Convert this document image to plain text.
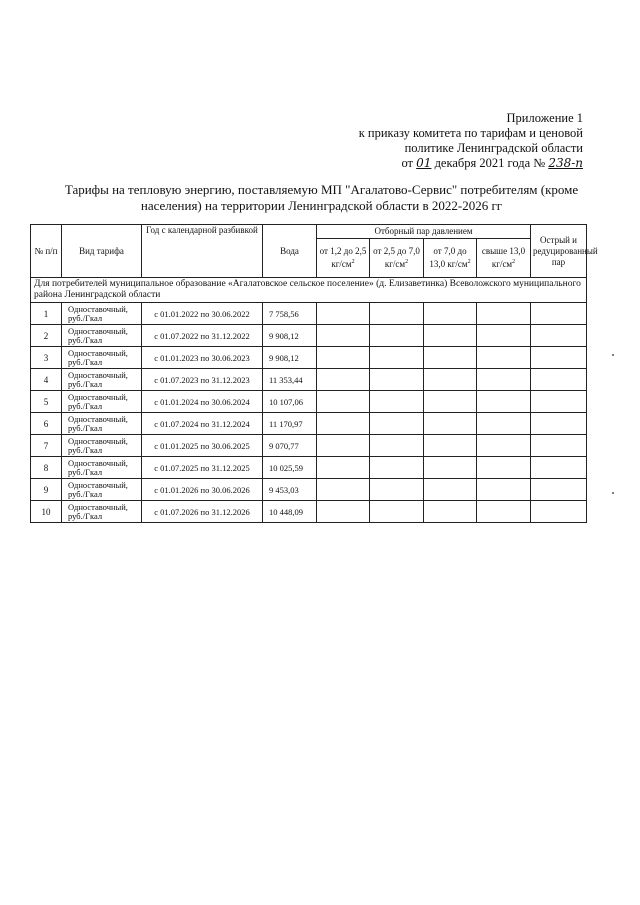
Приложение 1
к приказу комитета по тарифам и ценовой
политике Ленинградской области
от 01 декабря 2021 года № 238-п
Тарифы на тепловую энергию, поставляемую МП "Агалатово-Сервис" потребителям (кроме населения) на территории Ленинградской области в 2022-2026 гг
№ п/п	Вид тарифа	Год с календарной разбивкой	Вода	Отборный пар давлением				Острый и редуцированный пар
				от 1,2 до 2,5 $кг/см^2$	от 2,5 до 7,0 $кг/см^2$	от 7,0 до 13,0 $кг/см^2$	свыше 13,0 $кг/см^2$
Для потребителей муниципальное образование «Агалатовское сельское поселение» (д. Елизаветинка) Всеволожского муниципального района Ленинградской области								
1	Одноставочный, руб./Гкал	с 01.01.2022 по 30.06.2022	7 758,56					
2	Одноставочный, руб./Гкал	с 01.07.2022 по 31.12.2022	9 908,12					
3	Одноставочный, руб./Гкал	с 01.01.2023 по 30.06.2023	9 908,12					
4	Одноставочный, руб./Гкал	с 01.07.2023 по 31.12.2023	11 353,44					
5	Одноставочный, руб./Гкал	с 01.01.2024 по 30.06.2024	10 107,06					
6	Одноставочный, руб./Гкал	с 01.07.2024 по 31.12.2024	11 170,97					
7	Одноставочный, руб./Гкал	с 01.01.2025 по 30.06.2025	9 070,77					
8	Одноставочный, руб./Гкал	с 01.07.2025 по 31.12.2025	10 025,59					
9	Одноставочный, руб./Гкал	с 01.01.2026 по 30.06.2026	9 453,03					
10	Одноставочный, руб./Гкал	с 01.07.2026 по 31.12.2026	10 448,09					
